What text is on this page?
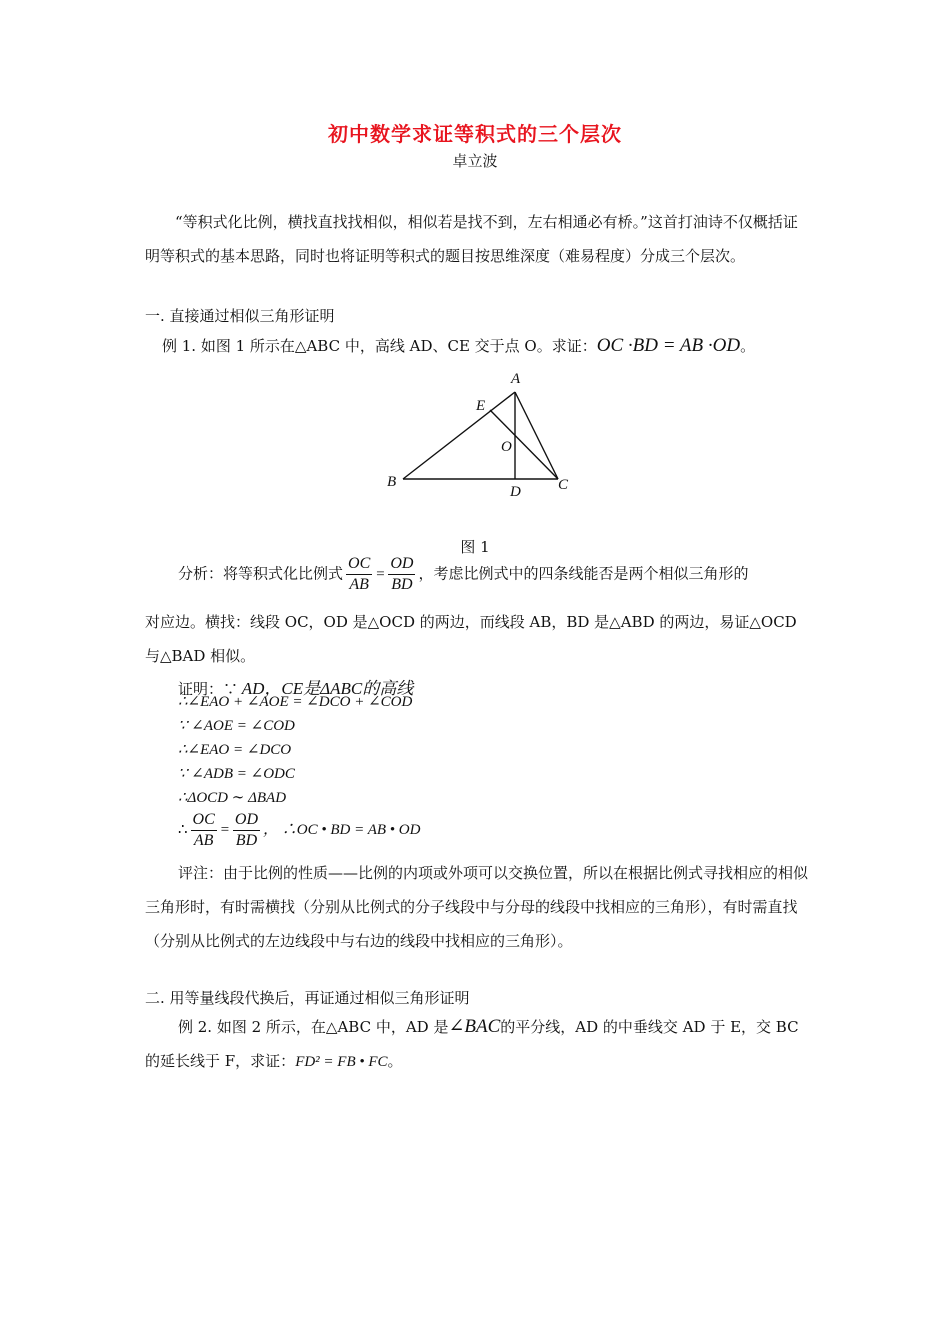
初中数学求证等积式的三个层次
卓立波
“等积式化比例，横找直找找相似，相似若是找不到，左右相通必有桥。”这首打油诗不仅概括证明等积式的基本思路，同时也将证明等积式的题目按思维深度（难易程度）分成三个层次。
一. 直接通过相似三角形证明
例 1. 如图 1 所示在△ABC 中，高线 AD、CE 交于点 O。求证：OC ·BD = AB ·OD。
A
E
O
B
D C
图 1
分析：将等积式化比例式 $\frac{OC}{AB} = \frac{OD}{BD}$ ，考虑比例式中的四条线能否是两个相似三角形的
对应边。横找：线段 OC，OD 是△OCD 的两边，而线段 AB，BD 是△ABD 的两边，易证△OCD 与△BAD 相似。
证明：∵ AD，CE是ΔABC的高线
∴∠EAO + ∠AOE = ∠DCO + ∠COD
∵ ∠AOE = ∠COD
∴∠EAO = ∠DCO
∵ ∠ADB = ∠ODC
∴ΔOCD ∼ ΔBAD
∴ $\frac{OC}{AB} = \frac{OD}{BD}$ ， ∴OC • BD = AB • OD
评注：由于比例的性质——比例的内项或外项可以交换位置，所以在根据比例式寻找相应的相似三角形时，有时需横找（分别从比例式的分子线段中与分母的线段中找相应的三角形），有时需直找（分别从比例式的左边线段中与右边的线段中找相应的三角形）。
二. 用等量线段代换后，再证通过相似三角形证明
例 2. 如图 2 所示，在△ABC 中，AD 是∠BAC的平分线，AD 的中垂线交 AD 于 E，交 BC 的延长线于 F，求证：FD² = FB • FC。
